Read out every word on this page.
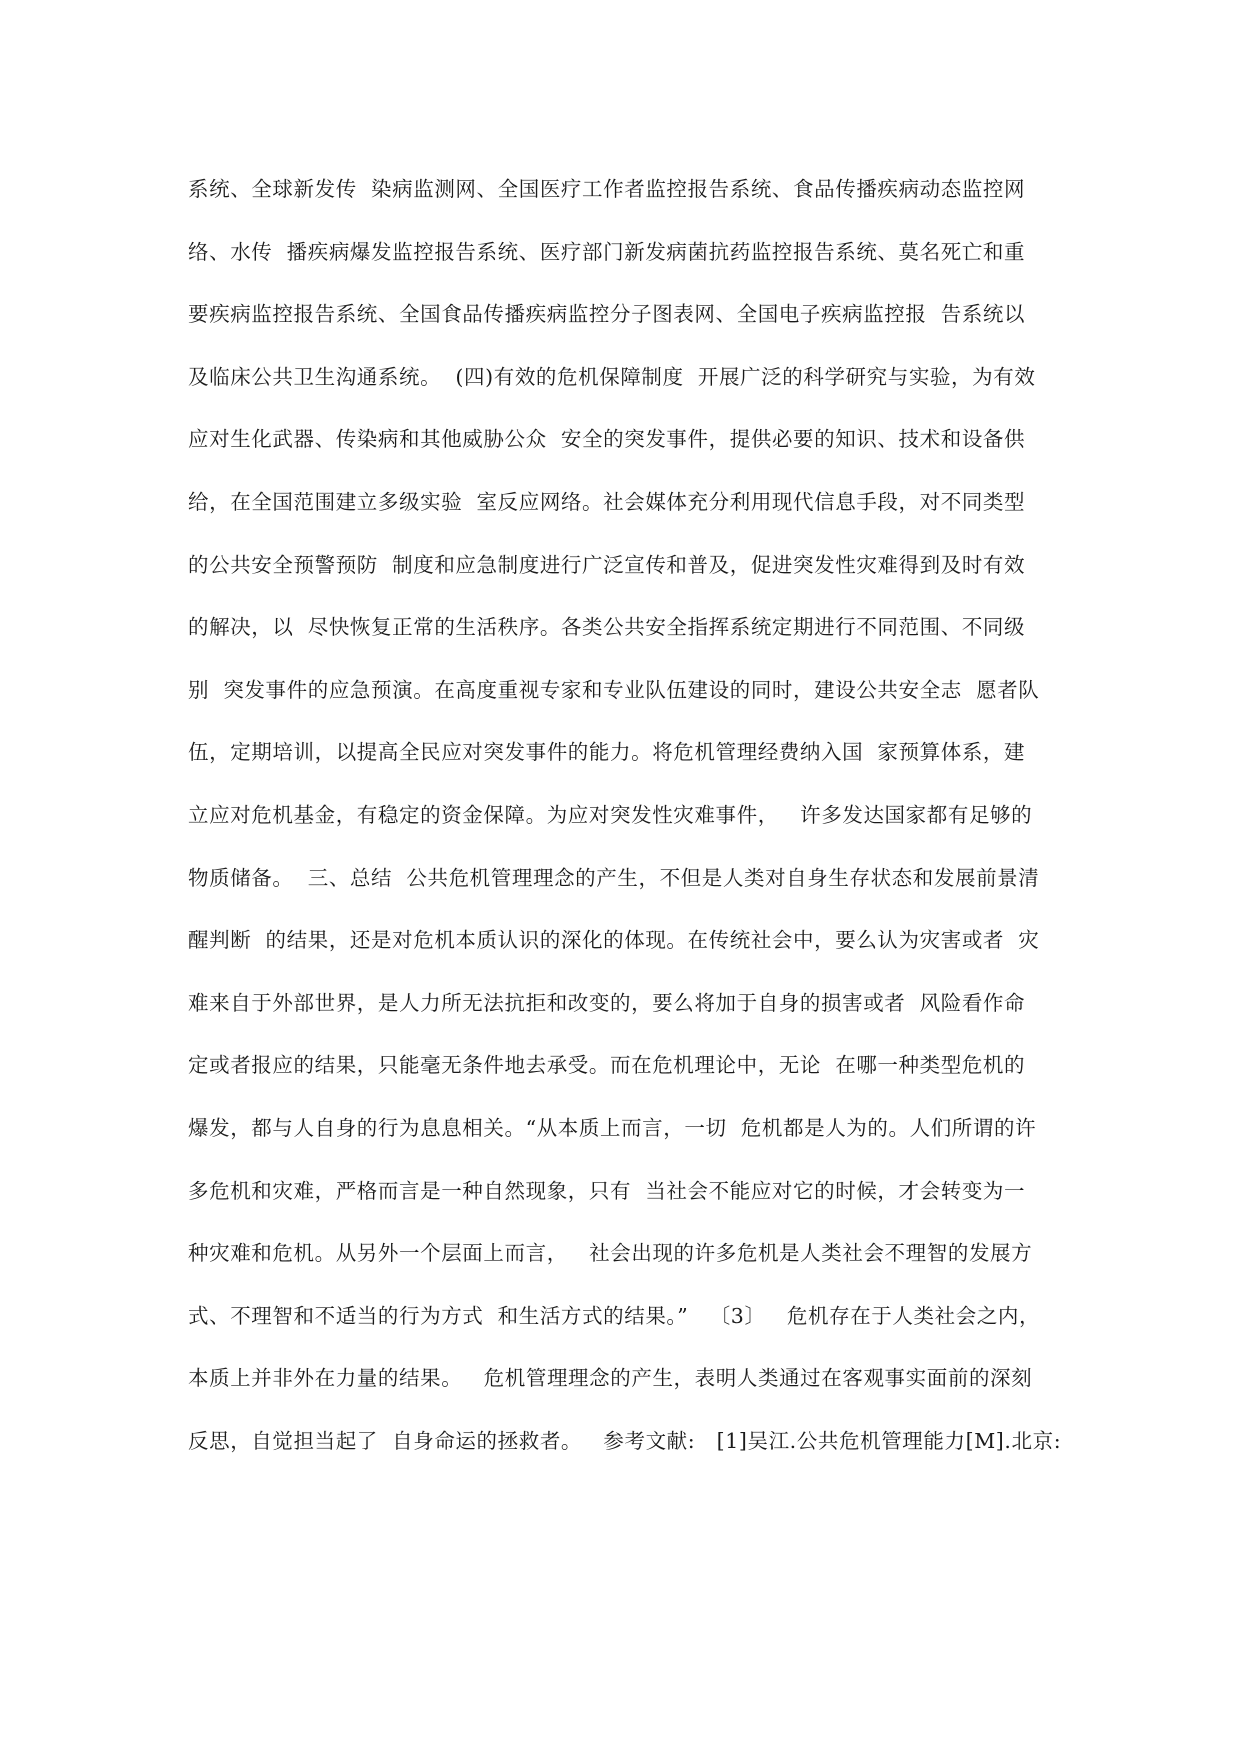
系统、全球新发传  染病监测网、全国医疗工作者监控报告系统、食品传播疾病动态监控网
络、水传  播疾病爆发监控报告系统、医疗部门新发病菌抗药监控报告系统、莫名死亡和重
要疾病监控报告系统、全国食品传播疾病监控分子图表网、全国电子疾病监控报  告系统以
及临床公共卫生沟通系统。  (四)有效的危机保障制度  开展广泛的科学研究与实验，为有效
应对生化武器、传染病和其他威胁公众  安全的突发事件，提供必要的知识、技术和设备供
给，在全国范围建立多级实验  室反应网络。社会媒体充分利用现代信息手段，对不同类型
的公共安全预警预防  制度和应急制度进行广泛宣传和普及，促进突发性灾难得到及时有效
的解决，以  尽快恢复正常的生活秩序。各类公共安全指挥系统定期进行不同范围、不同级
别  突发事件的应急预演。在高度重视专家和专业队伍建设的同时，建设公共安全志  愿者队
伍，定期培训，以提高全民应对突发事件的能力。将危机管理经费纳入国  家预算体系，建
立应对危机基金，有稳定的资金保障。为应对突发性灾难事件，   许多发达国家都有足够的
物质储备。  三、总结  公共危机管理理念的产生，不但是人类对自身生存状态和发展前景清
醒判断  的结果，还是对危机本质认识的深化的体现。在传统社会中，要么认为灾害或者  灾
难来自于外部世界，是人力所无法抗拒和改变的，要么将加于自身的损害或者  风险看作命
定或者报应的结果，只能毫无条件地去承受。而在危机理论中，无论  在哪一种类型危机的
爆发，都与人自身的行为息息相关。“从本质上而言，一切  危机都是人为的。人们所谓的许
多危机和灾难，严格而言是一种自然现象，只有  当社会不能应对它的时候，才会转变为一
种灾难和危机。从另外一个层面上而言，   社会出现的许多危机是人类社会不理智的发展方
式、不理智和不适当的行为方式  和生活方式的结果。”   〔3〕   危机存在于人类社会之内，
本质上并非外在力量的结果。   危机管理理念的产生，表明人类通过在客观事实面前的深刻
反思，自觉担当起了  自身命运的拯救者。   参考文献:   [1]吴江.公共危机管理能力[M].北京:
